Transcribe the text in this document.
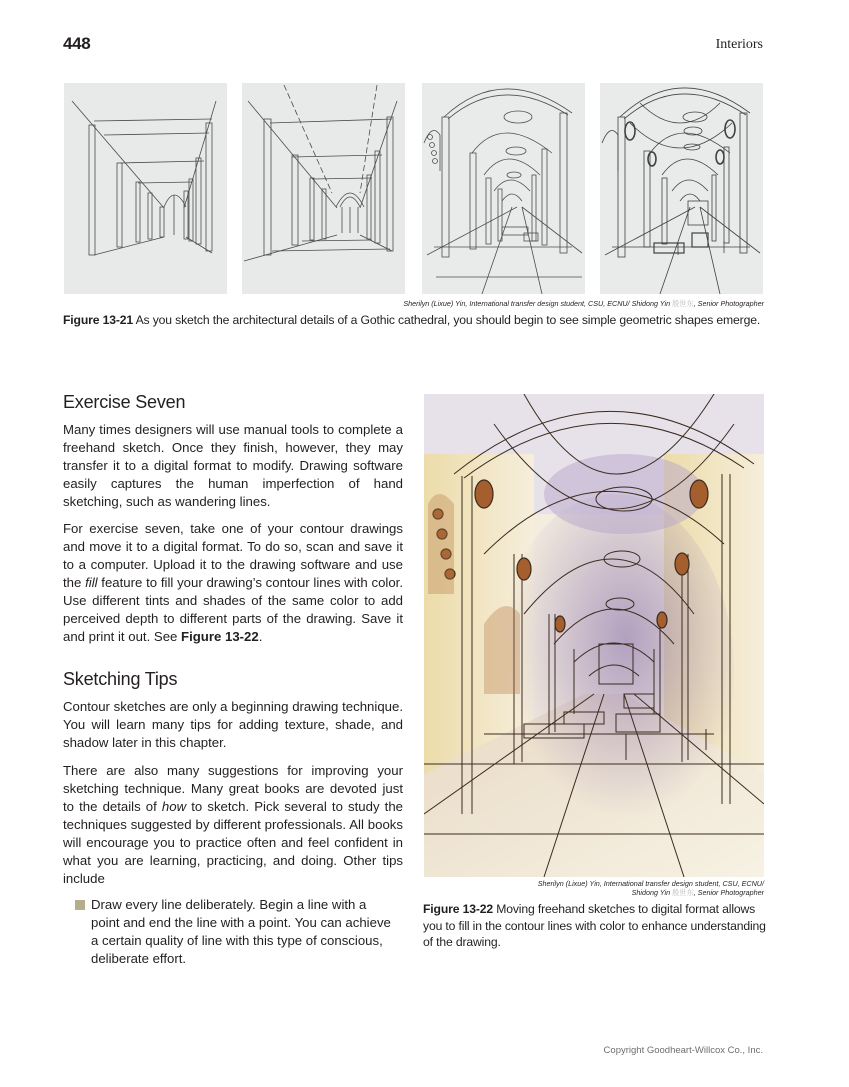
448	Interiors
Sherilyn (Lixue) Yin, International transfer design student, CSU, ECNU/ Shidong Yin 殷世东, Senior Photographer
Figure 13-21 As you sketch the architectural details of a Gothic cathedral, you should begin to see simple geometric shapes emerge.
Exercise Seven

Many times designers will use manual tools to complete a freehand sketch. Once they finish, however, they may transfer it to a digital format to modify. Drawing software easily captures the human imperfection of hand sketching, such as wandering lines.

For exercise seven, take one of your contour drawings and move it to a digital format. To do so, scan and save it to a computer. Upload it to the drawing software and use the fill feature to fill your drawing’s contour lines with color. Use different tints and shades of the same color to add perceived depth to different parts of the drawing. Save it and print it out. See Figure 13-22.

Sketching Tips

Contour sketches are only a beginning drawing technique. You will learn many tips for adding texture, shade, and shadow later in this chapter.

There are also many suggestions for improving your sketching technique. Many great books are devoted just to the details of how to sketch. Pick several to study the techniques suggested by different professionals. All books will encourage you to practice often and feel confident in what you are learning, practicing, and doing. Other tips include

Draw every line deliberately. Begin a line with a point and end the line with a point. You can achieve a certain quality of line with this type of conscious, deliberate effort.
Sherilyn (Lixue) Yin, International transfer design student, CSU, ECNU/
Shidong Yin 殷世东, Senior Photographer
Figure 13-22 Moving freehand sketches to digital format allows you to fill in the contour lines with color to enhance understanding of the drawing.
Copyright Goodheart-Willcox Co., Inc.
